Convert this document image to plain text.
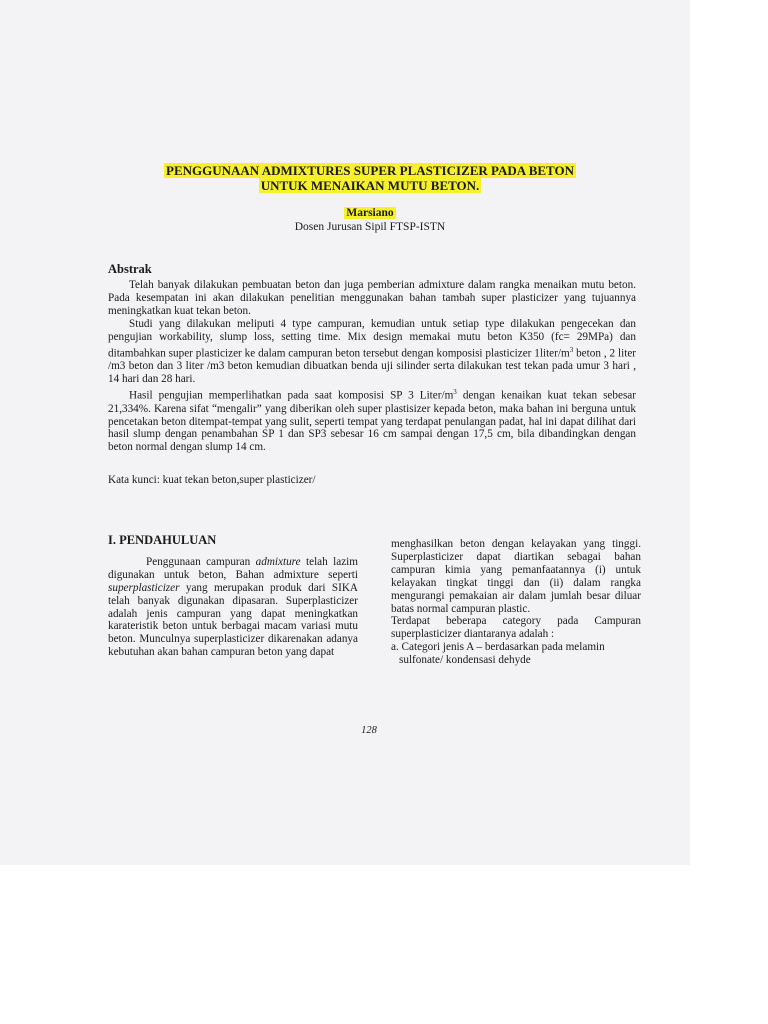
PENGGUNAAN ADMIXTURES SUPER PLASTICIZER PADA BETON
UNTUK MENAIKAN MUTU BETON.
Marsiano
Dosen Jurusan Sipil FTSP-ISTN
Abstrak

Telah banyak dilakukan pembuatan beton dan juga pemberian admixture dalam rangka menaikan mutu beton. Pada kesempatan ini akan dilakukan penelitian menggunakan bahan tambah super plasticizer yang tujuannya meningkatkan kuat tekan beton.

Studi yang dilakukan meliputi 4 type campuran, kemudian untuk setiap type dilakukan pengecekan dan pengujian workability, slump loss, setting time. Mix design memakai mutu beton K350 (fc= 29MPa) dan ditambahkan super plasticizer ke dalam campuran beton tersebut dengan komposisi plasticizer $1liter/m^3$ beton , 2 liter /m3 beton dan 3 liter /m3 beton kemudian dibuatkan benda uji silinder serta dilakukan test tekan pada umur 3 hari , 14 hari dan 28 hari.

Hasil pengujian memperlihatkan pada saat komposisi SP 3 Liter/$m^3$ dengan kenaikan kuat tekan sebesar 21,334%. Karena sifat “mengalir” yang diberikan oleh super plastisizer kepada beton, maka bahan ini berguna untuk pencetakan beton ditempat-tempat yang sulit, seperti tempat yang terdapat penulangan padat, hal ini dapat dilihat dari hasil slump dengan penambahan SP 1 dan SP3 sebesar 16 cm sampai dengan 17,5 cm, bila dibandingkan dengan beton normal dengan slump 14 cm.

Kata kunci: kuat tekan beton,super plasticizer/
I. PENDAHULUAN

Penggunaan campuran admixture telah lazim digunakan untuk beton, Bahan admixture seperti superplasticizer yang merupakan produk dari SIKA telah banyak digunakan dipasaran. Superplasticizer adalah jenis campuran yang dapat meningkatkan karateristik beton untuk berbagai macam variasi mutu beton. Munculnya superplasticizer dikarenakan adanya kebutuhan akan bahan campuran beton yang dapat

menghasilkan beton dengan kelayakan yang tinggi. Superplasticizer dapat diartikan sebagai bahan campuran kimia yang pemanfaatannya (i) untuk kelayakan tingkat tinggi dan (ii) dalam rangka mengurangi pemakaian air dalam jumlah besar diluar batas normal campuran plastic.

Terdapat beberapa category pada Campuran superplasticizer diantaranya adalah :

a. Categori jenis A – berdasarkan pada melamin sulfonate/ kondensasi dehyde

128
